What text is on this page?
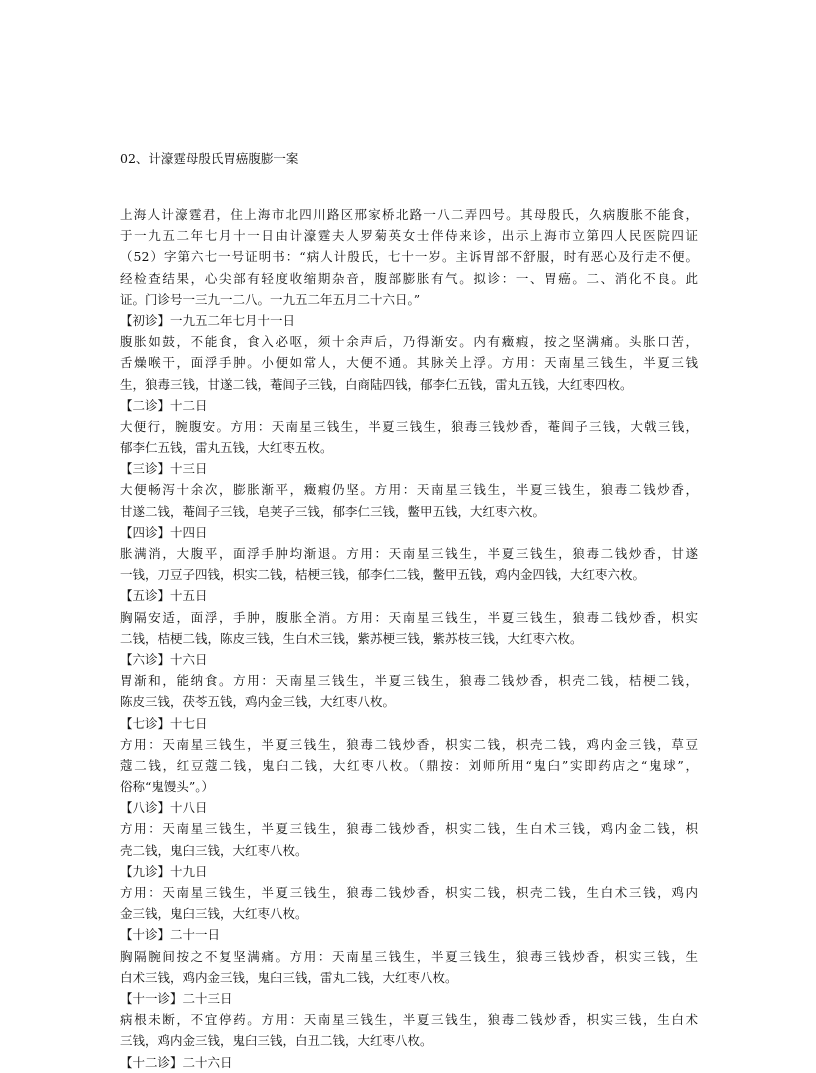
02、计濠霆母殷氏胃癌腹膨一案
上海人计濠霆君，住上海市北四川路区邢家桥北路一八二弄四号。其母殷氏，久病腹胀不能食，
于一九五二年七月十一日由计濠霆夫人罗菊英女士伴侍来诊，出示上海市立第四人民医院四证
（52）字第六七一号证明书：“病人计殷氏，七十一岁。主诉胃部不舒服，时有恶心及行走不便。
经检查结果，心尖部有轻度收缩期杂音，腹部膨胀有气。拟诊：一、胃癌。二、消化不良。此
证。门诊号一三九一二八。一九五二年五月二十六日。”
【初诊】一九五二年七月十一日
腹胀如鼓，不能食，食入必呕，须十余声后，乃得渐安。内有癥瘕，按之坚满痛。头胀口苦，
舌燥喉干，面浮手肿。小便如常人，大便不通。其脉关上浮。方用：天南星三钱生，半夏三钱
生，狼毒三钱，甘遂二钱，菴闾子三钱，白商陆四钱，郁李仁五钱，雷丸五钱，大红枣四枚。
【二诊】十二日
大便行，腕腹安。方用：天南星三钱生，半夏三钱生，狼毒三钱炒香，菴闾子三钱，大戟三钱，
郁李仁五钱，雷丸五钱，大红枣五枚。
【三诊】十三日
大便畅泻十余次，膨胀渐平，癥瘕仍坚。方用：天南星三钱生，半夏三钱生，狼毒二钱炒香，
甘遂二钱，菴闾子三钱，皂荚子三钱，郁李仁三钱，鳖甲五钱，大红枣六枚。
【四诊】十四日
胀满消，大腹平，面浮手肿均渐退。方用：天南星三钱生，半夏三钱生，狼毒二钱炒香，甘遂
一钱，刀豆子四钱，枳实二钱，桔梗三钱，郁李仁二钱，鳖甲五钱，鸡内金四钱，大红枣六枚。
【五诊】十五日
胸隔安适，面浮，手肿，腹胀全消。方用：天南星三钱生，半夏三钱生，狼毒二钱炒香，枳实
二钱，桔梗二钱，陈皮三钱，生白术三钱，紫苏梗三钱，紫苏枝三钱，大红枣六枚。
【六诊】十六日
胃渐和，能纳食。方用：天南星三钱生，半夏三钱生，狼毒二钱炒香，枳壳二钱，桔梗二钱，
陈皮三钱，茯苓五钱，鸡内金三钱，大红枣八枚。
【七诊】十七日
方用：天南星三钱生，半夏三钱生，狼毒二钱炒香，枳实二钱，枳壳二钱，鸡内金三钱，草豆
蔻二钱，红豆蔻二钱，鬼臼二钱，大红枣八枚。（鼎按：刘师所用“鬼臼”实即药店之“鬼球”，
俗称“鬼馒头”。）
【八诊】十八日
方用：天南星三钱生，半夏三钱生，狼毒二钱炒香，枳实二钱，生白术三钱，鸡内金二钱，枳
壳二钱，鬼臼三钱，大红枣八枚。
【九诊】十九日
方用：天南星三钱生，半夏三钱生，狼毒二钱炒香，枳实二钱，枳壳二钱，生白术三钱，鸡内
金三钱，鬼臼三钱，大红枣八枚。
【十诊】二十一日
胸隔腕间按之不复坚满痛。方用：天南星三钱生，半夏三钱生，狼毒三钱炒香，枳实三钱，生
白术三钱，鸡内金三钱，鬼臼三钱，雷丸二钱，大红枣八枚。
【十一诊】二十三日
病根未断，不宜停药。方用：天南星三钱生，半夏三钱生，狼毒二钱炒香，枳实三钱，生白术
三钱，鸡内金三钱，鬼臼三钱，白丑二钱，大红枣八枚。
【十二诊】二十六日
